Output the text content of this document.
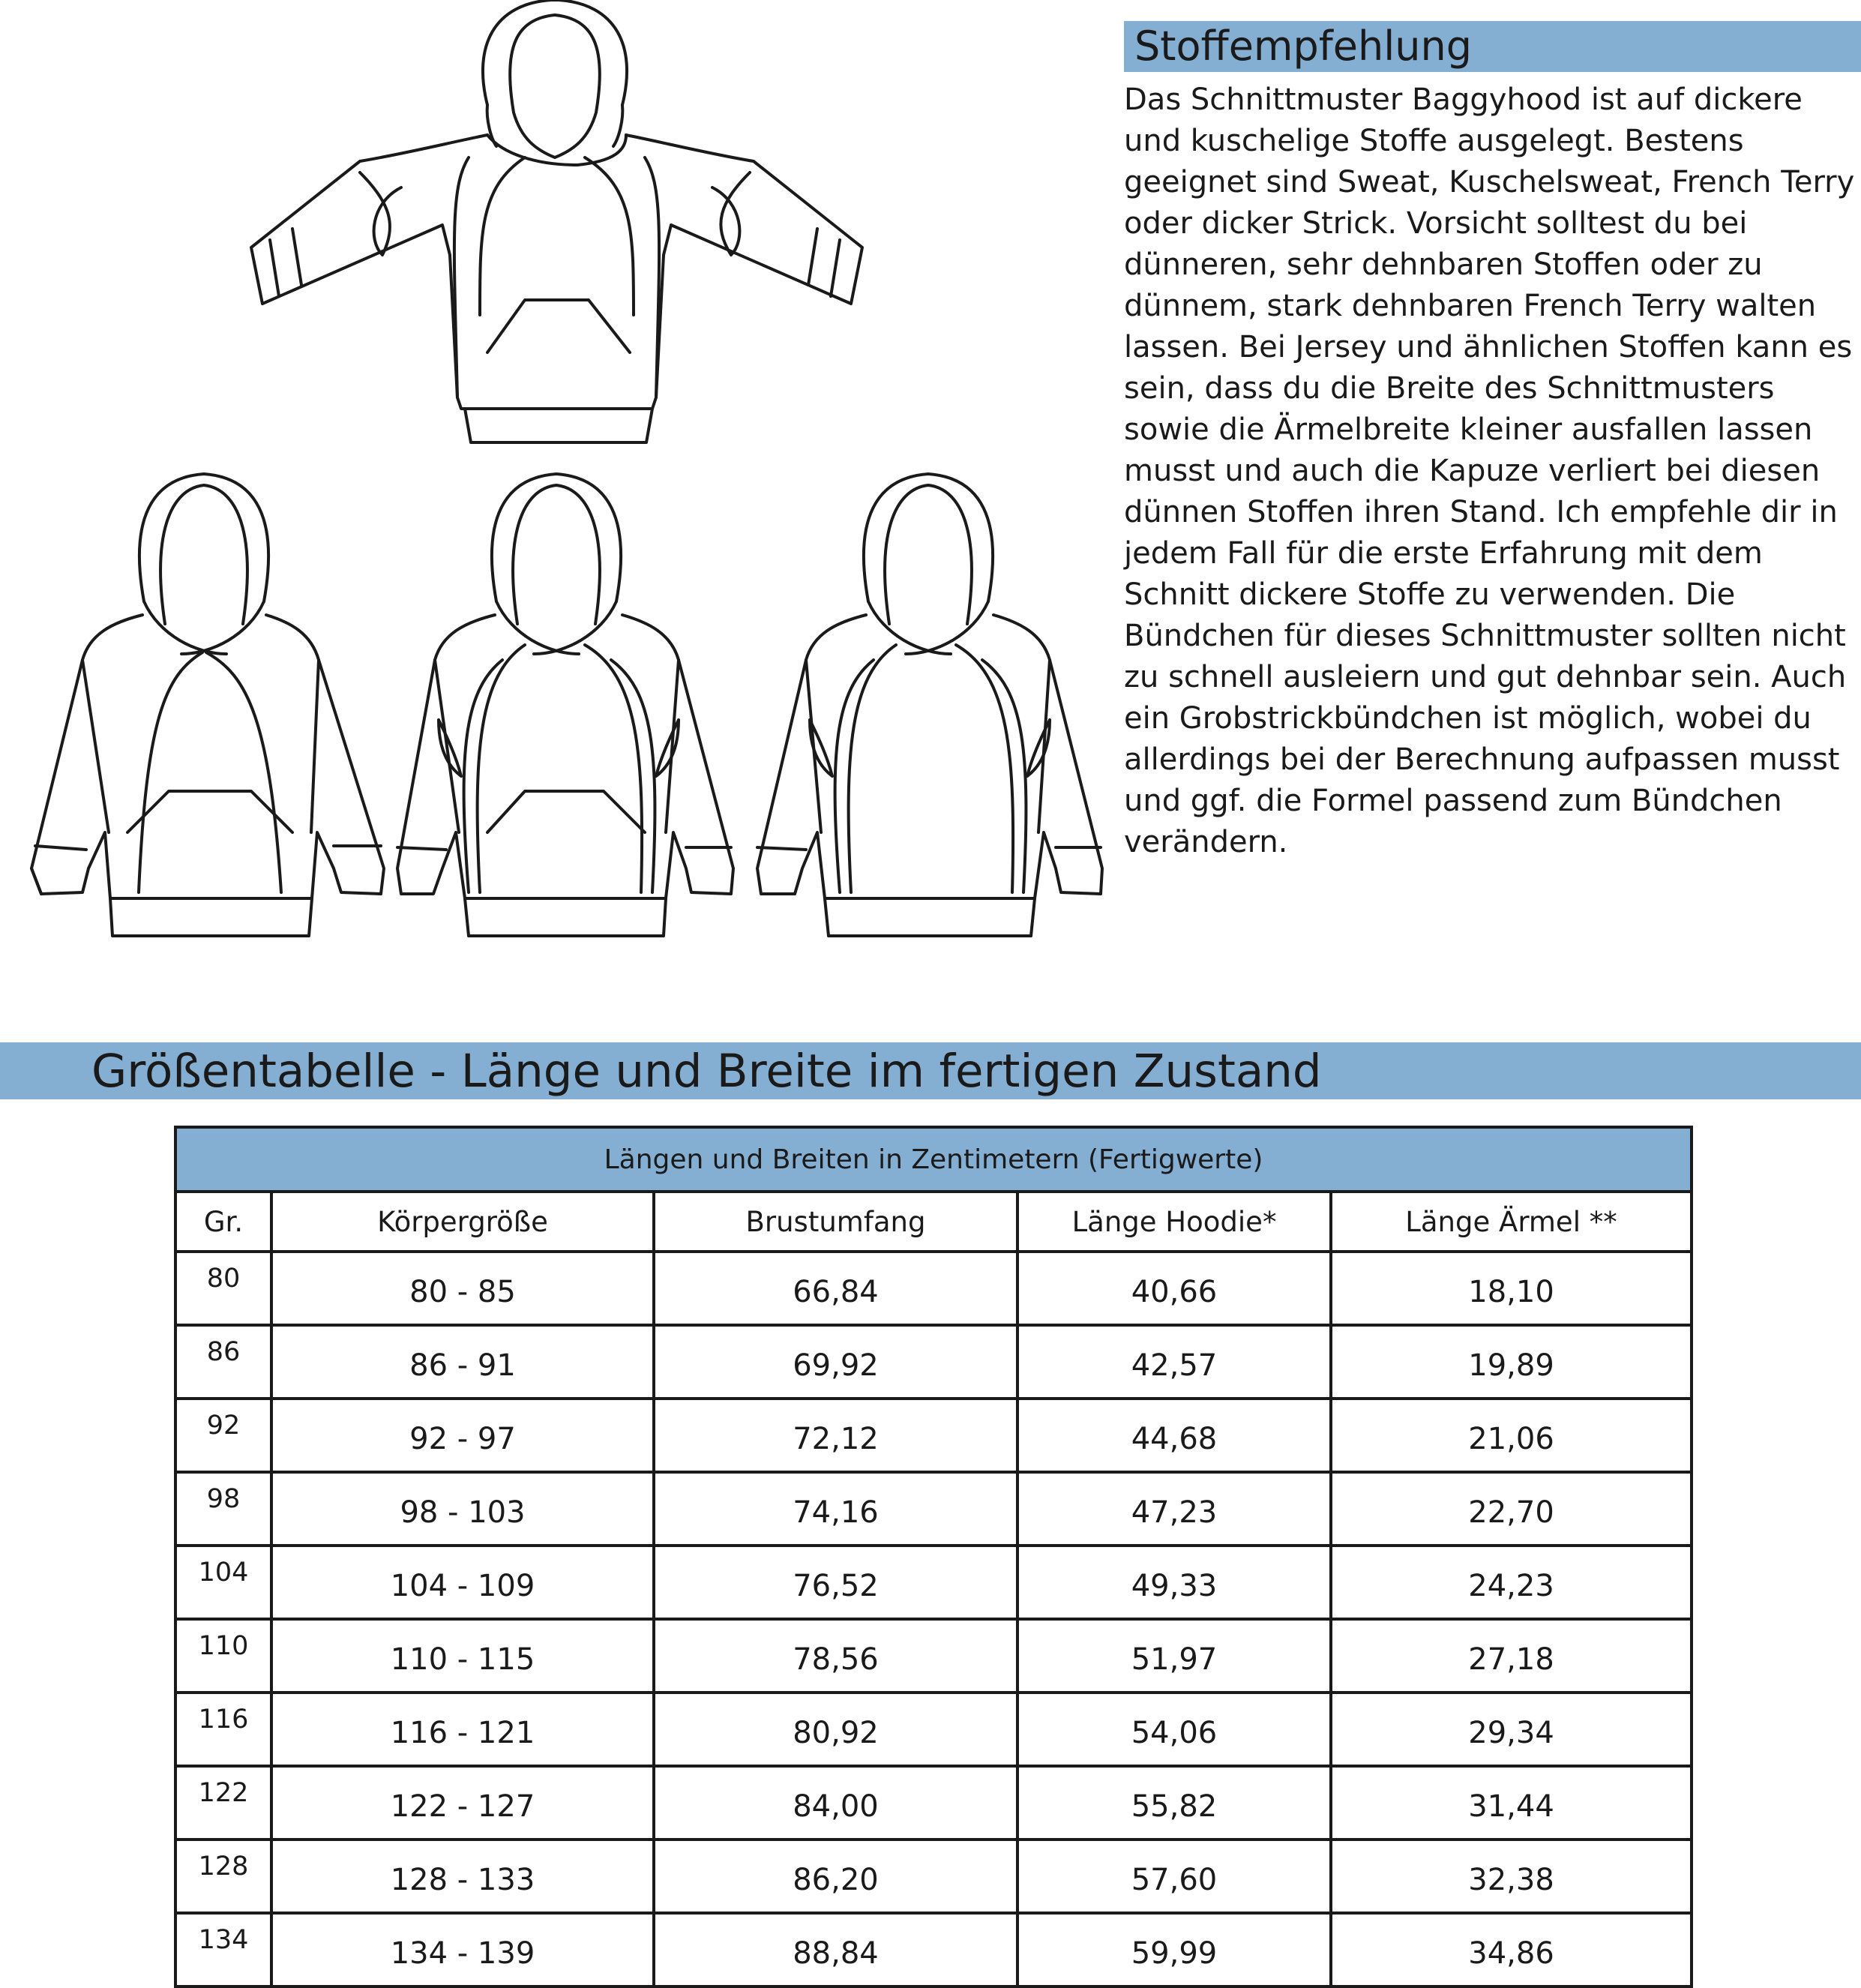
Stoffempfehlung

Das Schnittmuster Baggyhood ist auf dickere und kuschelige Stoffe ausgelegt. Bestens geeignet sind Sweat, Kuschelsweat, French Terry oder dicker Strick. Vorsicht solltest du bei dünneren, sehr dehnbaren Stoffen oder zu dünnem, stark dehnbaren French Terry walten lassen. Bei Jersey und ähnlichen Stoffen kann es sein, dass du die Breite des Schnittmusters sowie die Ärmelbreite kleiner ausfallen lassen musst und auch die Kapuze verliert bei diesen dünnen Stoffen ihren Stand. Ich empfehle dir in jedem Fall für die erste Erfahrung mit dem Schnitt dickere Stoffe zu verwenden. Die Bündchen für dieses Schnittmuster sollten nicht zu schnell ausleiern und gut dehnbar sein. Auch ein Grobstrickbündchen ist möglich, wobei du allerdings bei der Berechnung aufpassen musst und ggf. die Formel passend zum Bündchen verändern.

Größentabelle - Länge und Breite im fertigen Zustand
Längen und Breiten in Zentimetern (Fertigwerte)				
Gr.	Körpergröße	Brustumfang	Länge Hoodie*	Länge Ärmel **
80	80 - 85	66,84	40,66	18,10
86	86 - 91	69,92	42,57	19,89
92	92 - 97	72,12	44,68	21,06
98	98 - 103	74,16	47,23	22,70
104	104 - 109	76,52	49,33	24,23
110	110 - 115	78,56	51,97	27,18
116	116 - 121	80,92	54,06	29,34
122	122 - 127	84,00	55,82	31,44
128	128 - 133	86,20	57,60	32,38
134	134 - 139	88,84	59,99	34,86
